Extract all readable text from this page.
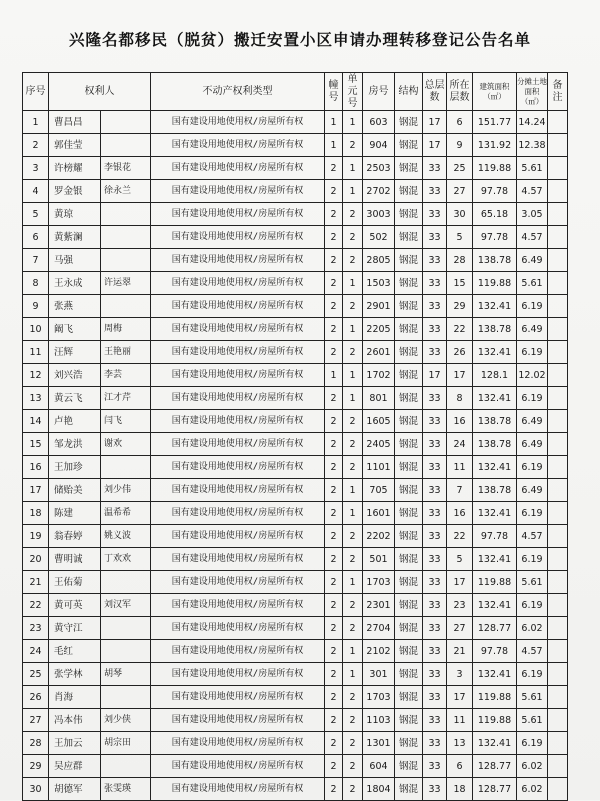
兴隆名都移民（脱贫）搬迁安置小区申请办理转移登记公告名单
序号	权利人		不动产权利类型	幢号	单元号	房号	结构	总层数	所在层数	建筑面积（㎡）	分摊土地面积（㎡）	备注
1	曹昌昌		国有建设用地使用权/房屋所有权	1	1	603	钢混	17	6	151.77	14.24	
2	郭佳莹		国有建设用地使用权/房屋所有权	1	2	904	钢混	17	9	131.92	12.38	
3	许榜耀	李银花	国有建设用地使用权/房屋所有权	2	1	2503	钢混	33	25	119.88	5.61	
4	罗金银	徐永兰	国有建设用地使用权/房屋所有权	2	1	2702	钢混	33	27	97.78	4.57	
5	黄琼		国有建设用地使用权/房屋所有权	2	2	3003	钢混	33	30	65.18	3.05	
6	黄紫澜		国有建设用地使用权/房屋所有权	2	2	502	钢混	33	5	97.78	4.57	
7	马强		国有建设用地使用权/房屋所有权	2	2	2805	钢混	33	28	138.78	6.49	
8	王永成	许运翠	国有建设用地使用权/房屋所有权	2	1	1503	钢混	33	15	119.88	5.61	
9	张燕		国有建设用地使用权/房屋所有权	2	2	2901	钢混	33	29	132.41	6.19	
10	阚飞	周梅	国有建设用地使用权/房屋所有权	2	1	2205	钢混	33	22	138.78	6.49	
11	汪辉	王艳丽	国有建设用地使用权/房屋所有权	2	2	2601	钢混	33	26	132.41	6.19	
12	刘兴浩	李芸	国有建设用地使用权/房屋所有权	1	1	1702	钢混	17	17	128.1	12.02	
13	黄云飞	江才芹	国有建设用地使用权/房屋所有权	2	1	801	钢混	33	8	132.41	6.19	
14	卢艳	闫飞	国有建设用地使用权/房屋所有权	2	2	1605	钢混	33	16	138.78	6.49	
15	邹龙洪	谢欢	国有建设用地使用权/房屋所有权	2	2	2405	钢混	33	24	138.78	6.49	
16	王加珍		国有建设用地使用权/房屋所有权	2	2	1101	钢混	33	11	132.41	6.19	
17	储贻美	刘少伟	国有建设用地使用权/房屋所有权	2	1	705	钢混	33	7	138.78	6.49	
18	陈建	温希希	国有建设用地使用权/房屋所有权	2	1	1601	钢混	33	16	132.41	6.19	
19	翁春婷	姚义波	国有建设用地使用权/房屋所有权	2	2	2202	钢混	33	22	97.78	4.57	
20	曹明诚	丁欢欢	国有建设用地使用权/房屋所有权	2	2	501	钢混	33	5	132.41	6.19	
21	王佑菊		国有建设用地使用权/房屋所有权	2	1	1703	钢混	33	17	119.88	5.61	
22	黄可英	刘汉军	国有建设用地使用权/房屋所有权	2	2	2301	钢混	33	23	132.41	6.19	
23	黄守江		国有建设用地使用权/房屋所有权	2	2	2704	钢混	33	27	128.77	6.02	
24	毛红		国有建设用地使用权/房屋所有权	2	1	2102	钢混	33	21	97.78	4.57	
25	张学林	胡琴	国有建设用地使用权/房屋所有权	2	1	301	钢混	33	3	132.41	6.19	
26	肖海		国有建设用地使用权/房屋所有权	2	2	1703	钢混	33	17	119.88	5.61	
27	冯本伟	刘少侠	国有建设用地使用权/房屋所有权	2	2	1103	钢混	33	11	119.88	5.61	
28	王加云	胡宗田	国有建设用地使用权/房屋所有权	2	2	1301	钢混	33	13	132.41	6.19	
29	吴应群		国有建设用地使用权/房屋所有权	2	2	604	钢混	33	6	128.77	6.02	
30	胡德军	张雯瑛	国有建设用地使用权/房屋所有权	2	2	1804	钢混	33	18	128.77	6.02	
